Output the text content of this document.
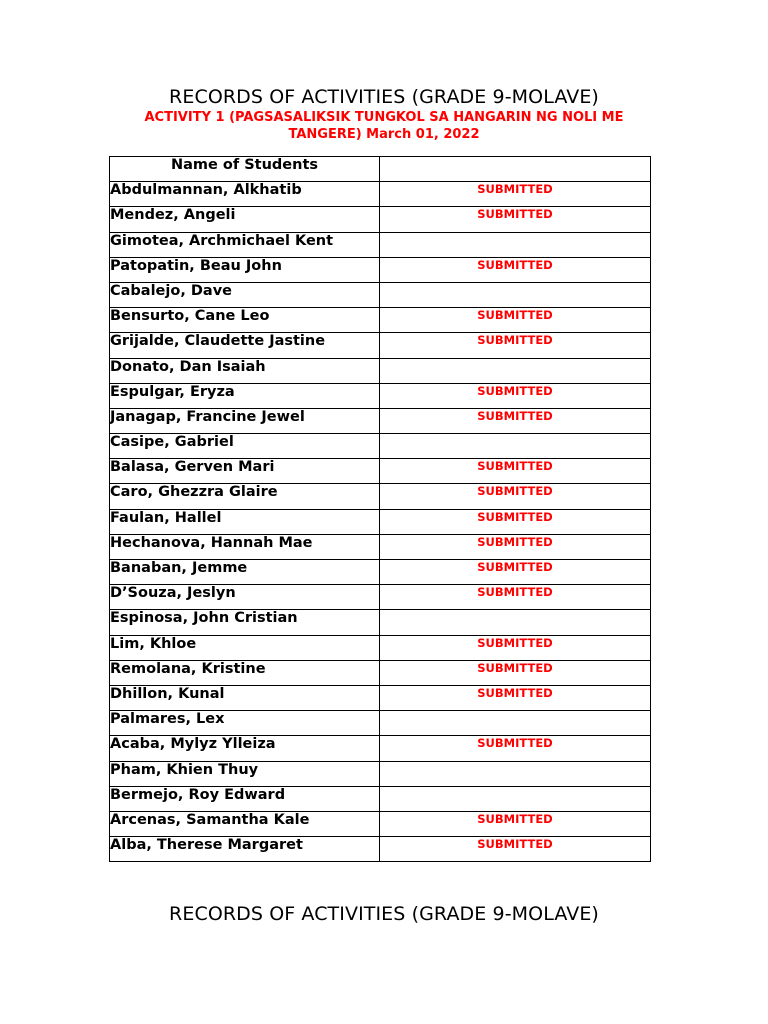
RECORDS OF ACTIVITIES (GRADE 9-MOLAVE)
ACTIVITY 1 (PAGSASALIKSIK TUNGKOL SA HANGARIN NG NOLI ME TANGERE) March 01, 2022
Name of Students	
Abdulmannan, Alkhatib	SUBMITTED
Mendez, Angeli	SUBMITTED
Gimotea, Archmichael Kent	
Patopatin, Beau John	SUBMITTED
Cabalejo, Dave	
Bensurto, Cane Leo	SUBMITTED
Grijalde, Claudette Jastine	SUBMITTED
Donato, Dan Isaiah	
Espulgar, Eryza	SUBMITTED
Janagap, Francine Jewel	SUBMITTED
Casipe, Gabriel	
Balasa, Gerven Mari	SUBMITTED
Caro, Ghezzra Glaire	SUBMITTED
Faulan, Hallel	SUBMITTED
Hechanova, Hannah Mae	SUBMITTED
Banaban, Jemme	SUBMITTED
D’Souza, Jeslyn	SUBMITTED
Espinosa, John Cristian	
Lim, Khloe	SUBMITTED
Remolana, Kristine	SUBMITTED
Dhillon, Kunal	SUBMITTED
Palmares, Lex	
Acaba, Mylyz Ylleiza	SUBMITTED
Pham, Khien Thuy	
Bermejo, Roy Edward	
Arcenas, Samantha Kale	SUBMITTED
Alba, Therese Margaret	SUBMITTED
RECORDS OF ACTIVITIES (GRADE 9-MOLAVE)
